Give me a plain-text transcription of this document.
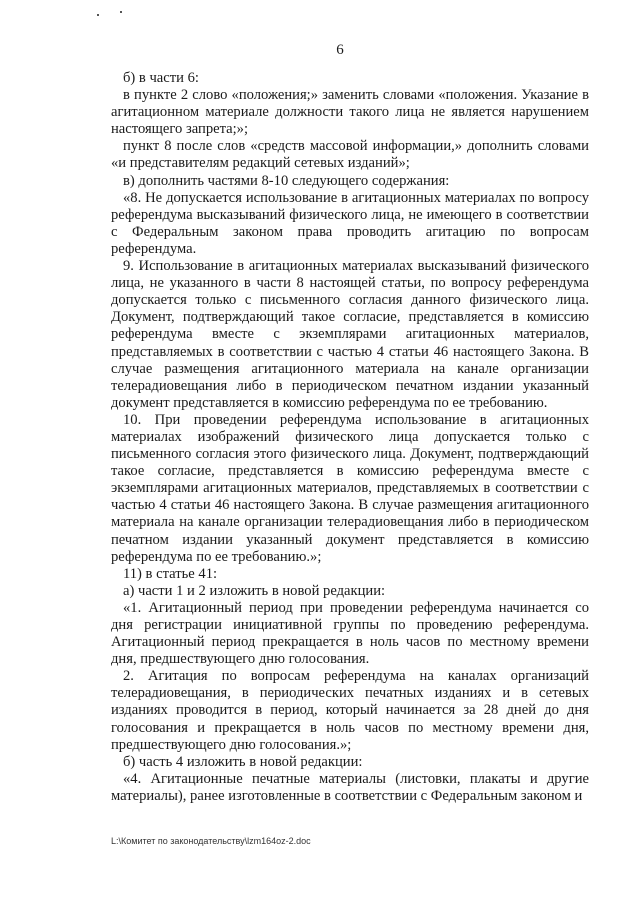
6

б) в части 6:

в пункте 2 слово «положения;» заменить словами «положения. Указание в агитационном материале должности такого лица не является нарушением настоящего запрета;»;

пункт 8 после слов «средств массовой информации,» дополнить словами «и представителям редакций сетевых изданий»;

в) дополнить частями 8-10 следующего содержания:

«8. Не допускается использование в агитационных материалах по вопросу референдума высказываний физического лица, не имеющего в соответствии с Федеральным законом права проводить агитацию по вопросам референдума.

9. Использование в агитационных материалах высказываний физического лица, не указанного в части 8 настоящей статьи, по вопросу референдума допускается только с письменного согласия данного физического лица. Документ, подтверждающий такое согласие, представляется в комиссию референдума вместе с экземплярами агитационных материалов, представляемых в соответствии с частью 4 статьи 46 настоящего Закона. В случае размещения агитационного материала на канале организации телерадиовещания либо в периодическом печатном издании указанный документ представляется в комиссию референдума по ее требованию.

10. При проведении референдума использование в агитационных материалах изображений физического лица допускается только с письменного согласия этого физического лица. Документ, подтверждающий такое согласие, представляется в комиссию референдума вместе с экземплярами агитационных материалов, представляемых в соответствии с частью 4 статьи 46 настоящего Закона. В случае размещения агитационного материала на канале организации телерадиовещания либо в периодическом печатном издании указанный документ представляется в комиссию референдума по ее требованию.»;

11) в статье 41:

а) части 1 и 2 изложить в новой редакции:

«1. Агитационный период при проведении референдума начинается со дня регистрации инициативной группы по проведению референдума. Агитационный период прекращается в ноль часов по местному времени дня, предшествующего дню голосования.

2. Агитация по вопросам референдума на каналах организаций телерадиовещания, в периодических печатных изданиях и в сетевых изданиях проводится в период, который начинается за 28 дней до дня голосования и прекращается в ноль часов по местному времени дня, предшествующего дню голосования.»;

б) часть 4 изложить в новой редакции:

«4. Агитационные печатные материалы (листовки, плакаты и другие материалы), ранее изготовленные в соответствии с Федеральным законом и

L:\Комитет по законодательству\lzm164oz-2.doc
